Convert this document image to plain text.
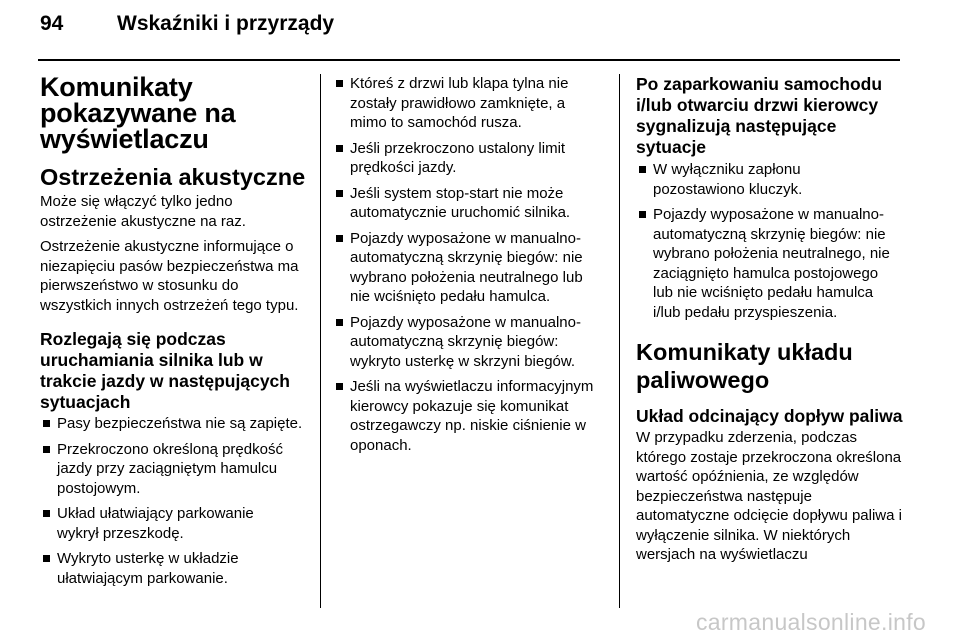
94	Wskaźniki i przyrządy
Komunikaty pokazywane na wyświetlaczu
Ostrzeżenia akustyczne

Może się włączyć tylko jedno ostrzeżenie akustyczne na raz.

Ostrzeżenie akustyczne informujące o niezapięciu pasów bezpieczeństwa ma pierwszeństwo w stosunku do wszystkich innych ostrzeżeń tego typu.

Rozlegają się podczas uruchamiania silnika lub w trakcie jazdy w następujących sytuacjach
Pasy bezpieczeństwa nie są zapięte.
Przekroczono określoną prędkość jazdy przy zaciągniętym hamulcu postojowym.
Układ ułatwiający parkowanie wykrył przeszkodę.
Wykryto usterkę w układzie ułatwiającym parkowanie.
Któreś z drzwi lub klapa tylna nie zostały prawidłowo zamknięte, a mimo to samochód rusza.
Jeśli przekroczono ustalony limit prędkości jazdy.
Jeśli system stop-start nie może automatycznie uruchomić silnika.
Pojazdy wyposażone w manualno-automatyczną skrzynię biegów: nie wybrano położenia neutralnego lub nie wciśnięto pedału hamulca.
Pojazdy wyposażone w manualno-automatyczną skrzynię biegów: wykryto usterkę w skrzyni biegów.
Jeśli na wyświetlaczu informacyjnym kierowcy pokazuje się komunikat ostrzegawczy np. niskie ciśnienie w oponach.
Po zaparkowaniu samochodu i/lub otwarciu drzwi kierowcy sygnalizują następujące sytuacje
W wyłączniku zapłonu pozostawiono kluczyk.
Pojazdy wyposażone w manualno-automatyczną skrzynię biegów: nie wybrano położenia neutralnego, nie zaciągnięto hamulca postojowego lub nie wciśnięto pedału hamulca i/lub pedału przyspieszenia.
Komunikaty układu paliwowego
Układ odcinający dopływ paliwa

W przypadku zderzenia, podczas którego zostaje przekroczona określona wartość opóźnienia, ze względów bezpieczeństwa następuje automatyczne odcięcie dopływu paliwa i wyłączenie silnika. W niektórych wersjach na wyświetlaczu

carmanualsonline.info
